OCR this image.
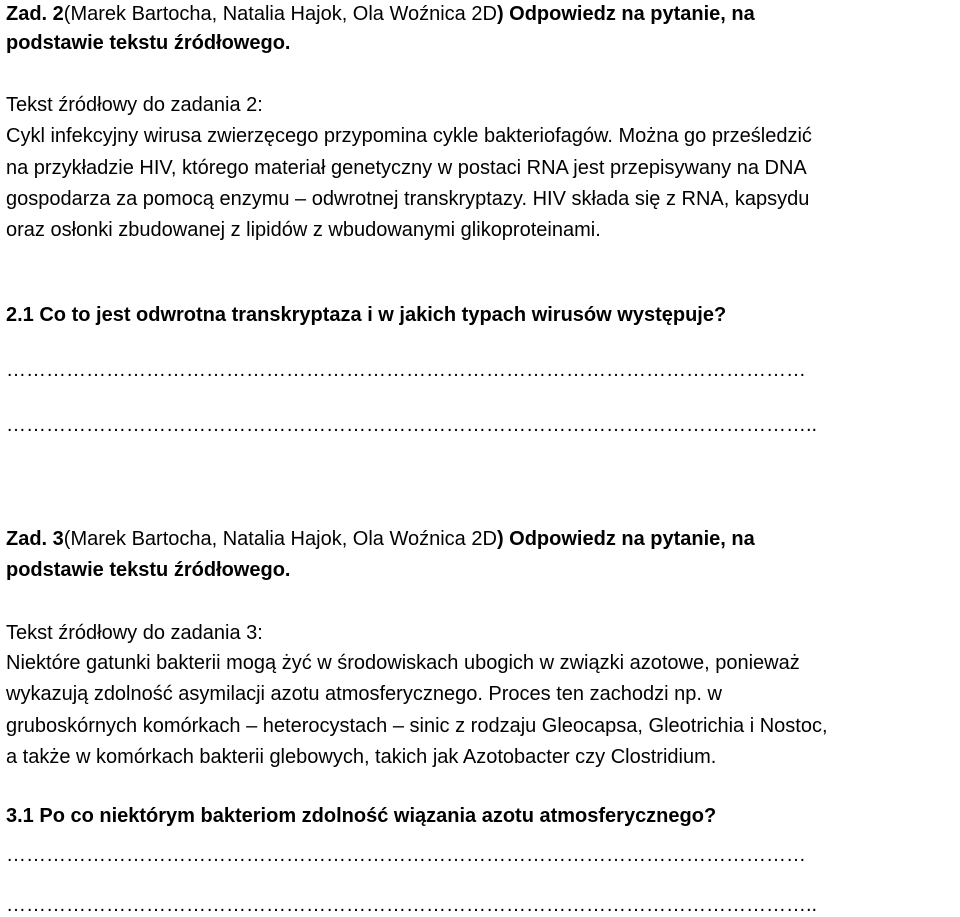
Zad. 2(Marek Bartocha, Natalia Hajok, Ola Woźnica 2D) Odpowiedz na pytanie, na
podstawie tekstu źródłowego.
Tekst źródłowy do zadania 2:
Cykl infekcyjny wirusa zwierzęcego przypomina cykle bakteriofagów. Można go prześledzić
na przykładzie HIV, którego materiał genetyczny w postaci RNA jest przepisywany na DNA
gospodarza za pomocą enzymu – odwrotnej transkryptazy. HIV składa się z RNA, kapsydu
oraz osłonki zbudowanej z lipidów z wbudowanymi glikoproteinami.
2.1 Co to jest odwrotna transkryptaza i w jakich typach wirusów występuje?
…………………………………………………………………………………………………………
…………………………………………………………………………………………………………..
Zad. 3(Marek Bartocha, Natalia Hajok, Ola Woźnica 2D) Odpowiedz na pytanie, na
podstawie tekstu źródłowego.
Tekst źródłowy do zadania 3:
Niektóre gatunki bakterii mogą żyć w środowiskach ubogich w związki azotowe, ponieważ
wykazują zdolność asymilacji azotu atmosferycznego. Proces ten zachodzi np. w
gruboskórnych komórkach – heterocystach – sinic z rodzaju Gleocapsa, Gleotrichia i Nostoc,
a także w komórkach bakterii glebowych, takich jak Azotobacter czy Clostridium.
3.1 Po co niektórym bakteriom zdolność wiązania azotu atmosferycznego?
…………………………………………………………………………………………………………
…………………………………………………………………………………………………………..
